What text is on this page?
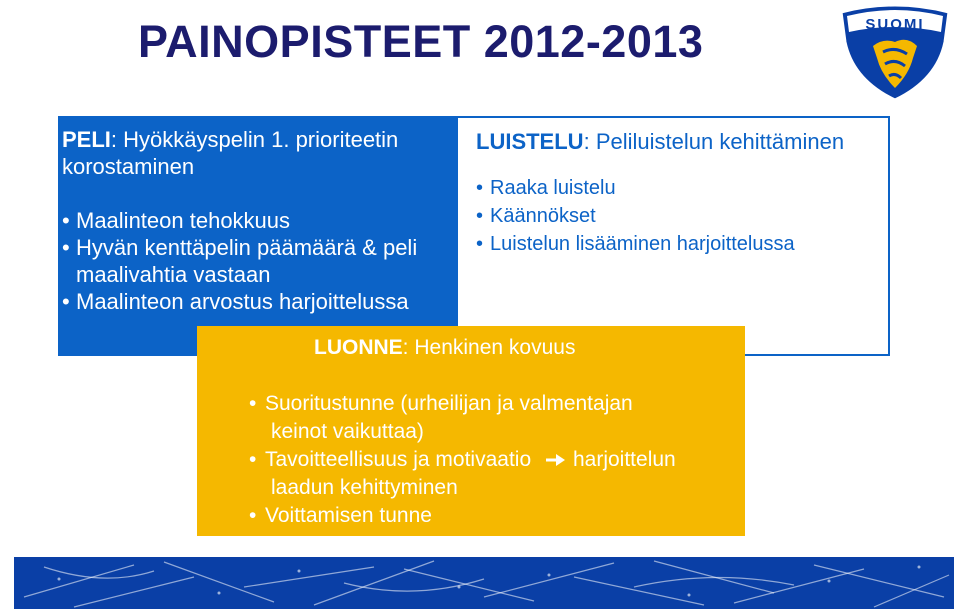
PAINOPISTEET 2012-2013	SUOMI
PELI: Hyökkäyspelin 1. prioriteetin
korostaminen
• Maalinteon tehokkuus
• Hyvän kenttäpelin päämäärä & peli
maalivahtia vastaan
• Maalinteon arvostus harjoittelussa
LUISTELU: Peliluistelun kehittäminen
• Raaka luistelu
• Käännökset
• Luistelun lisääminen harjoittelussa
LUONNE: Henkinen kovuus
• Suoritustunne (urheilijan ja valmentajan
keinot vaikuttaa)
• Tavoitteellisuus ja motivaatio harjoittelun
laadun kehittyminen
• Voittamisen tunne
